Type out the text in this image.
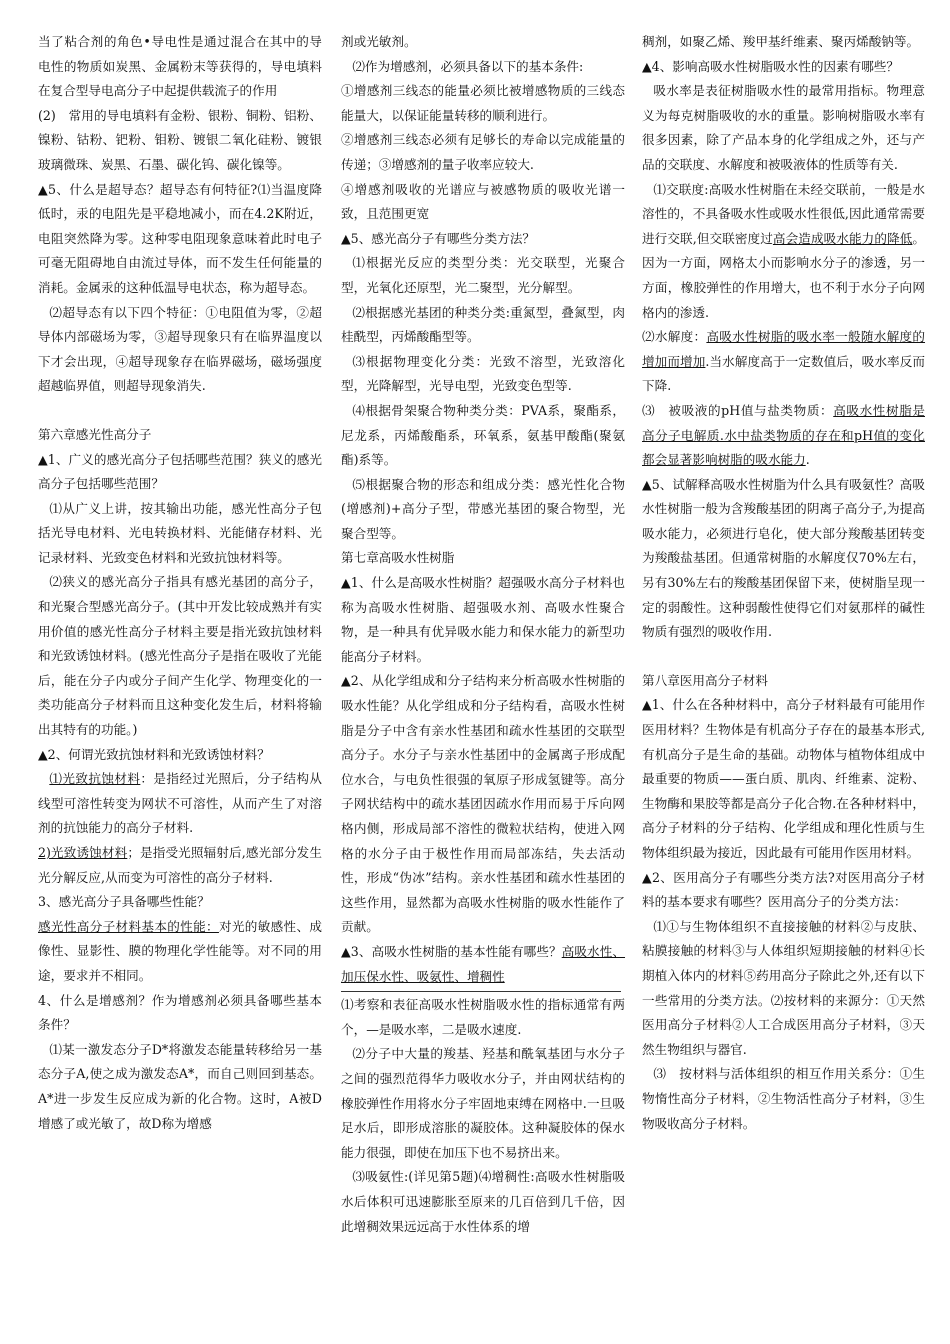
当了粘合剂的角色•导电性是通过混合在其中的导电性的物质如炭黑、金属粉末等获得的，导电填料在复合型导电高分子中起提供载流子的作用
(2)　常用的导电填料有金粉、银粉、铜粉、铝粉、镍粉、钴粉、钯粉、钼粉、镀银二氧化硅粉、镀银玻璃微珠、炭黑、石墨、碳化钨、碳化镍等。
▲5、什么是超导态？超导态有何特征?⑴当温度降低时，汞的电阻先是平稳地减小，而在4.2K附近，电阻突然降为零。这种零电阻现象意味着此时电子可毫无阻碍地自由流过导体，而不发生任何能量的消耗。金属汞的这种低温导电状态，称为超导态。
⑵超导态有以下四个特征：①电阻值为零，②超导体内部磁场为零，③超导现象只有在临界温度以下才会出现，④超导现象存在临界磁场，磁场强度超越临界值，则超导现象消失.
第六章感光性高分子
▲1、广义的感光高分子包括哪些范围？狭义的感光高分子包括哪些范围？
⑴从广义上讲，按其输出功能，感光性高分子包括光导电材料、光电转换材料、光能储存材料、光记录材料、光致变色材料和光致抗蚀材料等。
⑵狭义的感光高分子指具有感光基团的高分子，和光聚合型感光高分子。(其中开发比较成熟并有实用价值的感光性高分子材料主要是指光致抗蚀材料和光致诱蚀材料。(感光性高分子是指在吸收了光能后，能在分子内或分子间产生化学、物理变化的一类功能高分子材料而且这种变化发生后，材料将输出其特有的功能。)
▲2、何谓光致抗蚀材料和光致诱蚀材料？
⑴光致抗蚀材料：是指经过光照后，分子结构从线型可溶性转变为网状不可溶性，从而产生了对溶剂的抗蚀能力的高分子材料.
2)光致诱蚀材料；是指受光照辐射后,感光部分发生光分解反应,从而变为可溶性的高分子材料.
3、感光高分子具备哪些性能？
感光性高分子材料基本的性能：对光的敏感性、成像性、显影性、膜的物理化学性能等。对不同的用途，要求并不相同。
4、什么是增感剂？作为增感剂必须具备哪些基本条件？
⑴某一激发态分子D*将激发态能量转移给另一基态分子A,使之成为激发态A*，而自己则回到基态。A*进一步发生反应成为新的化合物。这时，A被D增感了或光敏了，故D称为增感
剂或光敏剂。
⑵作为增感剂，必须具备以下的基本条件:
①增感剂三线态的能量必须比被增感物质的三线态能量大，以保证能量转移的顺利进行。
②增感剂三线态必须有足够长的寿命以完成能量的传递；③增感剂的量子收率应较大.
④增感剂吸收的光谱应与被感物质的吸收光谱一致，且范围更宽
▲5、感光高分子有哪些分类方法？
⑴根据光反应的类型分类：光交联型，光聚合型，光氧化还原型，光二聚型，光分解型。
⑵根据感光基团的种类分类:重氮型，叠氮型，肉桂酰型，丙烯酸酯型等。
⑶根据物理变化分类：光致不溶型，光致溶化型，光降解型，光导电型，光致变色型等.
⑷根据骨架聚合物种类分类：PVA系，聚酯系，尼龙系，丙烯酸酯系，环氧系，氨基甲酸酯(聚氨酯)系等。
⑸根据聚合物的形态和组成分类：感光性化合物(增感剂)+高分子型，带感光基团的聚合物型，光聚合型等。
第七章高吸水性树脂
▲1、什么是高吸水性树脂？超强吸水高分子材料也称为高吸水性树脂、超强吸水剂、高吸水性聚合物，是一种具有优异吸水能力和保水能力的新型功能高分子材料。
▲2、从化学组成和分子结构来分析高吸水性树脂的吸水性能？从化学组成和分子结构看，高吸水性树脂是分子中含有亲水性基团和疏水性基团的交联型高分子。水分子与亲水性基团中的金属离子形成配位水合，与电负性很强的氧原子形成氢键等。高分子网状结构中的疏水基团因疏水作用而易于斥向网格内侧，形成局部不溶性的微粒状结构，使进入网格的水分子由于极性作用而局部冻结，失去活动性，形成“伪冰”结构。亲水性基团和疏水性基团的这些作用，显然都为高吸水性树脂的吸水性能作了贡献。
▲3、高吸水性树脂的基本性能有哪些？高吸水性、加压保水性、吸氨性、增稠性
⑴考察和表征高吸水性树脂吸水性的指标通常有两个，—是吸水率，二是吸水速度.
⑵分子中大量的羧基、羟基和酰氧基团与水分子之间的强烈范得华力吸收水分子，并由网状结构的橡胶弹性作用将水分子牢固地束缚在网格中.一旦吸足水后，即形成溶胀的凝胶体。这种凝胶体的保水能力很强，即使在加压下也不易挤出来。
⑶吸氨性:(详见第5题)⑷增稠性:高吸水性树脂吸水后体积可迅速膨胀至原来的几百倍到几千倍，因此增稠效果远远高于水性体系的增
稠剂，如聚乙烯、羧甲基纤维素、聚丙烯酸钠等。
▲4、影响高吸水性树脂吸水性的因素有哪些？
吸水率是表征树脂吸水性的最常用指标。物理意义为每克树脂吸收的水的重量。影响树脂吸水率有很多因素，除了产品本身的化学组成之外，还与产品的交联度、水解度和被吸液体的性质等有关.
⑴交联度:高吸水性树脂在未经交联前，一般是水溶性的，不具备吸水性或吸水性很低,因此通常需要进行交联,但交联密度过高会造成吸水能力的降低。因为一方面，网格太小而影响水分子的渗透，另一方面，橡胶弹性的作用增大，也不利于水分子向网格内的渗透.
⑵水解度：高吸水性树脂的吸水率一般随水解度的增加而增加.当水解度高于一定数值后，吸水率反而下降.
⑶　被吸液的pH值与盐类物质：高吸水性树脂是高分子电解质.水中盐类物质的存在和pH值的变化都会显著影响树脂的吸水能力.
▲5、试解释高吸水性树脂为什么具有吸氨性？高吸水性树脂一般为含羧酸基团的阴离子高分子,为提高吸水能力，必须进行皂化，使大部分羧酸基团转变为羧酸盐基团。但通常树脂的水解度仅70%左右，另有30%左右的羧酸基团保留下来，使树脂呈现一定的弱酸性。这种弱酸性使得它们对氨那样的碱性物质有强烈的吸收作用.
第八章医用高分子材料
▲1、什么在各种材料中，高分子材料最有可能用作医用材料？生物体是有机高分子存在的最基本形式,有机高分子是生命的基础。动物体与植物体组成中最重要的物质——蛋白质、肌肉、纤维素、淀粉、生物酶和果胶等都是高分子化合物.在各种材料中，高分子材料的分子结构、化学组成和理化性质与生物体组织最为接近，因此最有可能用作医用材料。
▲2、医用高分子有哪些分类方法?对医用高分子材料的基本要求有哪些？医用高分子的分类方法：
⑴①与生物体组织不直接接触的材料②与皮肤、粘膜接触的材料③与人体组织短期接触的材料④长期植入体内的材料⑤药用高分子除此之外,还有以下一些常用的分类方法。⑵按材料的来源分：①天然医用高分子材料②人工合成医用高分子材料，③天然生物组织与器官.
⑶　按材料与活体组织的相互作用关系分：①生物惰性高分子材料，②生物活性高分子材料，③生物吸收高分子材料。
